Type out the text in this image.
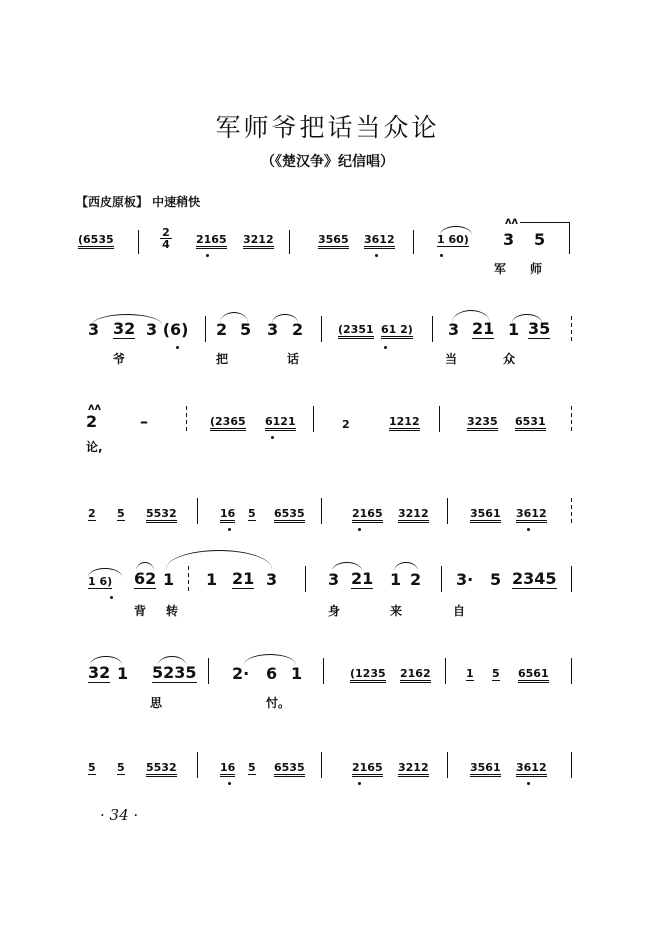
军师爷把话当众论
（《楚汉争》纪信唱）
【西皮原板】 中速稍快
2
4
(6535	2165 3212	3565 3612	1 60) 3 5
ʌʌ
军 师
3 32 3 (6) 2 5 3 2	(2351 61 2) 3 21 1 35
爷	把	话	当	众
ʌʌ
2	–	(2365 6121	2	1212	3235 6531
论,
2 5 5532	16 5 6535	2165 3212	3561 3612
1 6) 62 1 1 21 3	3 21 1 2 3· 5 2345
背 转	身	来	自
32 1 5235 2· 6 1	(1235 2162	1 5 6561
思	忖。
5 5 5532	16 5 6535	2165 3212	3561 3612
· 34 ·
